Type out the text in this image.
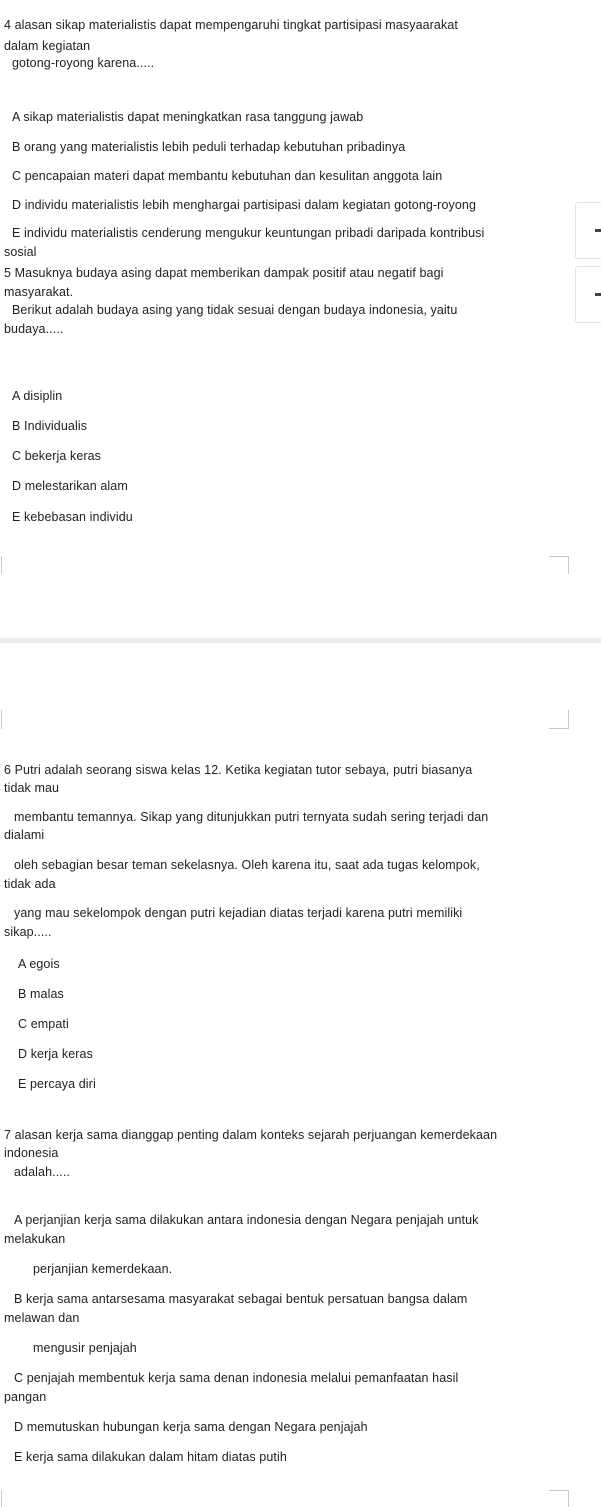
4 alasan sikap materialistis dapat mempengaruhi tingkat partisipasi masyaarakat
dalam kegiatan
gotong-royong karena.....
A sikap materialistis dapat meningkatkan rasa tanggung jawab
B orang yang materialistis lebih peduli terhadap kebutuhan pribadinya
C pencapaian materi dapat membantu kebutuhan dan kesulitan anggota lain
D individu materialistis lebih menghargai partisipasi dalam kegiatan gotong-royong
E individu materialistis cenderung mengukur keuntungan pribadi daripada kontribusi
sosial
5 Masuknya budaya asing dapat memberikan dampak positif atau negatif bagi
masyarakat.
Berikut adalah budaya asing yang tidak sesuai dengan budaya indonesia, yaitu
budaya.....
A disiplin
B Individualis
C bekerja keras
D melestarikan alam
E kebebasan individu
6 Putri adalah seorang siswa kelas 12. Ketika kegiatan tutor sebaya, putri biasanya
tidak mau
membantu temannya. Sikap yang ditunjukkan putri ternyata sudah sering terjadi dan
dialami
oleh sebagian besar teman sekelasnya. Oleh karena itu, saat ada tugas kelompok,
tidak ada
yang mau sekelompok dengan putri kejadian diatas terjadi karena putri memiliki
sikap.....
A egois
B malas
C empati
D kerja keras
E percaya diri
7 alasan kerja sama dianggap penting dalam konteks sejarah perjuangan kemerdekaan
indonesia
adalah.....
A perjanjian kerja sama dilakukan antara indonesia dengan Negara penjajah untuk
melakukan
perjanjian kemerdekaan.
B kerja sama antarsesama masyarakat sebagai bentuk persatuan bangsa dalam
melawan dan
mengusir penjajah
C penjajah membentuk kerja sama denan indonesia melalui pemanfaatan hasil
pangan
D memutuskan hubungan kerja sama dengan Negara penjajah
E kerja sama dilakukan dalam hitam diatas putih
